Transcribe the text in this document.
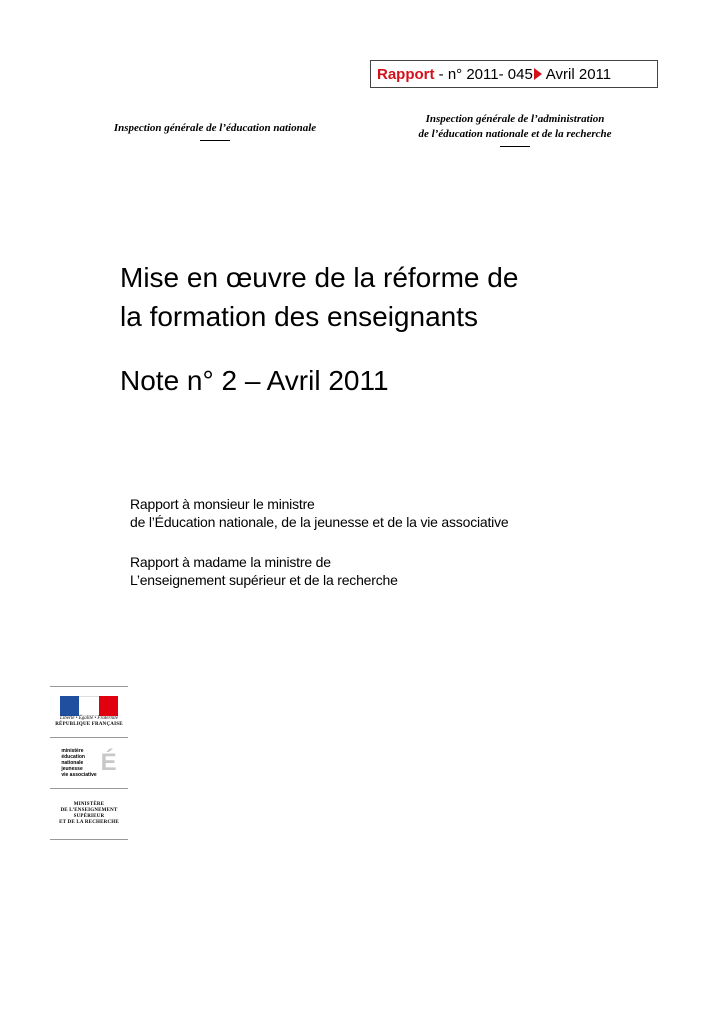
Rapport
- n° 2011- 045 Avril 2011
Inspection générale de l’éducation nationale
Inspection générale de l’administration
de l’éducation nationale et de la recherche
Mise en œuvre de la réforme de
la formation des enseignants
Note n° 2 – Avril 2011
Rapport à monsieur le ministre
de l’Éducation nationale, de la jeunesse et de la vie associative
Rapport à madame la ministre de
L’enseignement supérieur et de la recherche
Liberté • Égalité • Fraternité
RÉPUBLIQUE FRANÇAISE
ministère
éducation
nationale
jeunesse
vie associative É
MINISTÈRE
DE L’ENSEIGNEMENT SUPÉRIEUR
ET DE LA RECHERCHE
